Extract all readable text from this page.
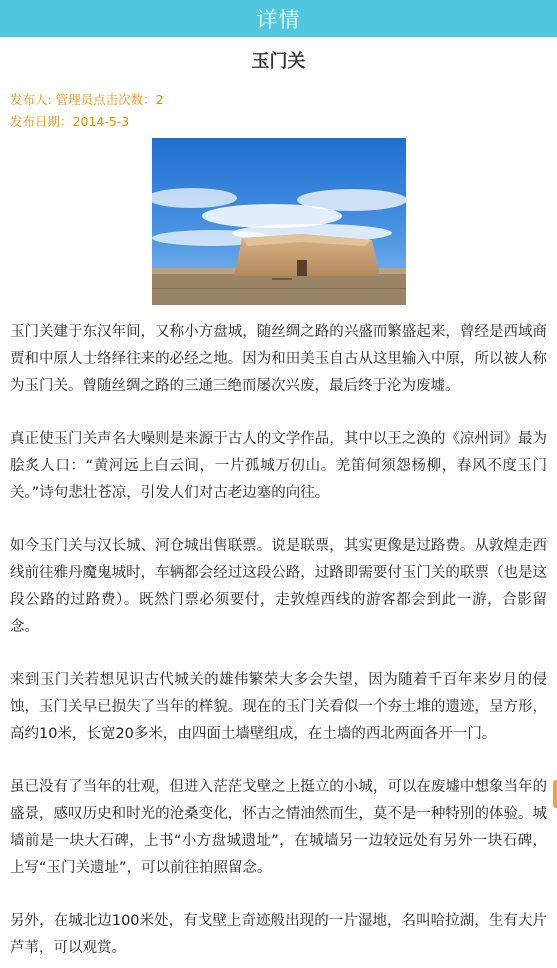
详情
玉门关
发布人: 管理员点击次数：2
发布日期：2014-5-3

玉门关建于东汉年间，又称小方盘城，随丝绸之路的兴盛而繁盛起来，曾经是西域商贾和中原人士络绎往来的必经之地。因为和田美玉自古从这里输入中原，所以被人称为玉门关。曾随丝绸之路的三通三绝而屡次兴废，最后终于沦为废墟。

真正使玉门关声名大噪则是来源于古人的文学作品，其中以王之涣的《凉州词》最为脍炙人口：“黄河远上白云间，一片孤城万仞山。羌笛何须怨杨柳，春风不度玉门关。”诗句悲壮苍凉，引发人们对古老边塞的向往。

如今玉门关与汉长城、河仓城出售联票。说是联票，其实更像是过路费。从敦煌走西线前往雅丹魔鬼城时，车辆都会经过这段公路，过路即需要付玉门关的联票（也是这段公路的过路费）。既然门票必须要付，走敦煌西线的游客都会到此一游，合影留念。

来到玉门关若想见识古代城关的雄伟繁荣大多会失望，因为随着千百年来岁月的侵蚀，玉门关早已损失了当年的样貌。现在的玉门关看似一个夯土堆的遗迹，呈方形，高约10米，长宽20多米，由四面土墙壁组成，在土墙的西北两面各开一门。

虽已没有了当年的壮观，但进入茫茫戈壁之上挺立的小城，可以在废墟中想象当年的盛景，感叹历史和时光的沧桑变化，怀古之情油然而生，莫不是一种特别的体验。城墙前是一块大石碑，上书“小方盘城遗址”，在城墙另一边较远处有另外一块石碑，上写“玉门关遗址”，可以前往拍照留念。

另外，在城北边100米处，有戈壁上奇迹般出现的一片湿地，名叫哈拉湖，生有大片芦苇，可以观赏。
